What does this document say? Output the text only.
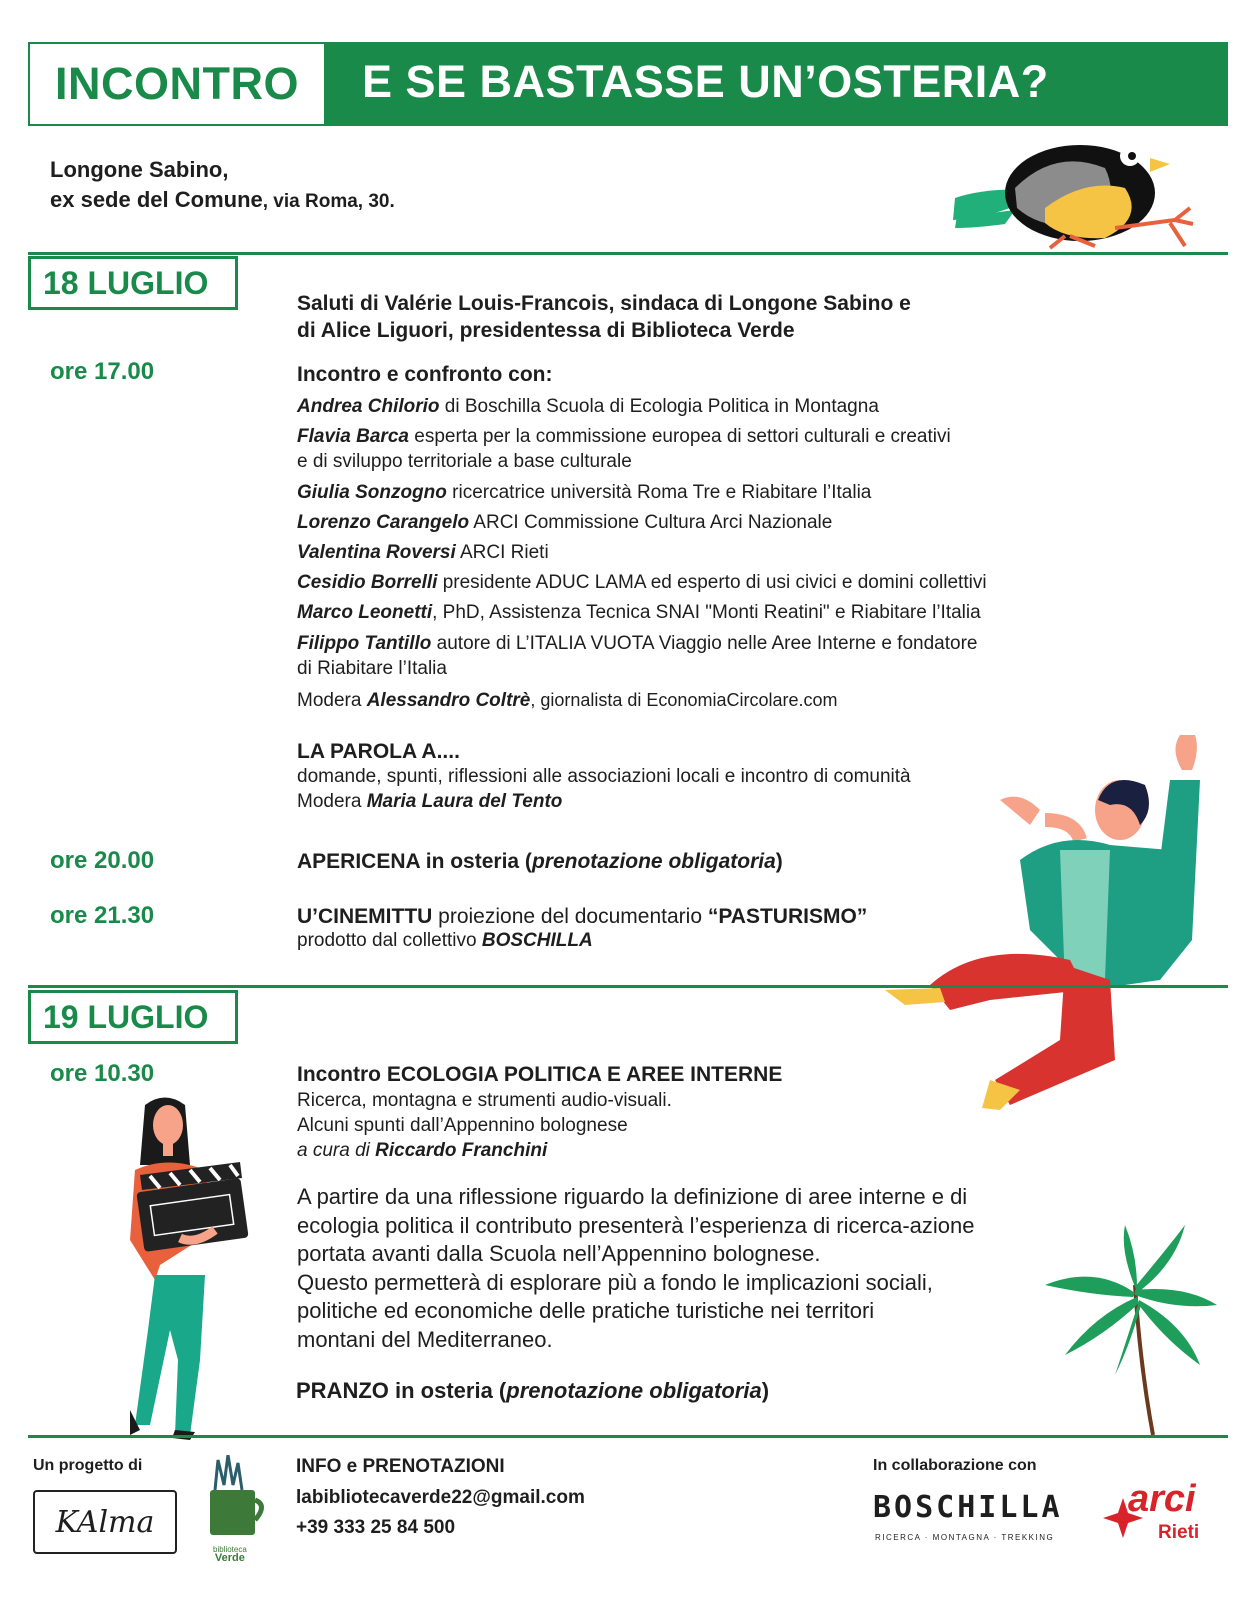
INCONTRO E SE BASTASSE UN’OSTERIA?
Longone Sabino,
ex sede del Comune, via Roma, 30.
18 LUGLIO
Saluti di Valérie Louis-Francois, sindaca di Longone Sabino e
di Alice Liguori, presidentessa di Biblioteca Verde
ore 17.00	Incontro e confronto con:
Andrea Chilorio di Boschilla Scuola di Ecologia Politica in Montagna
Flavia Barca esperta per la commissione europea di settori culturali e creativi
e di sviluppo territoriale a base culturale
Giulia Sonzogno ricercatrice università Roma Tre e Riabitare l’Italia
Lorenzo Carangelo ARCI Commissione Cultura Arci Nazionale
Valentina Roversi ARCI Rieti
Cesidio Borrelli presidente ADUC LAMA ed esperto di usi civici e domini collettivi
Marco Leonetti, PhD, Assistenza Tecnica SNAI "Monti Reatini" e Riabitare l’Italia
Filippo Tantillo autore di L’ITALIA VUOTA Viaggio nelle Aree Interne e fondatore
di Riabitare l’Italia
Modera Alessandro Coltrè, giornalista di EconomiaCircolare.com
LA PAROLA A....
domande, spunti, riflessioni alle associazioni locali e incontro di comunità
Modera Maria Laura del Tento
ore 20.00	APERICENA in osteria (prenotazione obligatoria)
ore 21.30	U’CINEMITTU proiezione del documentario “PASTURISMO”
prodotto dal collettivo BOSCHILLA
19 LUGLIO
ore 10.30	Incontro ECOLOGIA POLITICA E AREE INTERNE
Ricerca, montagna e strumenti audio-visuali.
Alcuni spunti dall’Appennino bolognese
a cura di Riccardo Franchini
A partire da una riflessione riguardo la definizione di aree interne e di
ecologia politica il contributo presenterà l’esperienza di ricerca-azione
portata avanti dalla Scuola nell’Appennino bolognese.
Questo permetterà di esplorare più a fondo le implicazioni sociali,
politiche ed economiche delle pratiche turistiche nei territori
montani del Mediterraneo.
PRANZO in osteria (prenotazione obligatoria)
Un progetto di
KAlma
biblioteca
Verde
INFO e PRENOTAZIONI
labibliotecaverde22@gmail.com
+39 333 25 84 500
In collaborazione con
BOSCHILLA
RICERCA · MONTAGNA · TREKKING
arci
Rieti
